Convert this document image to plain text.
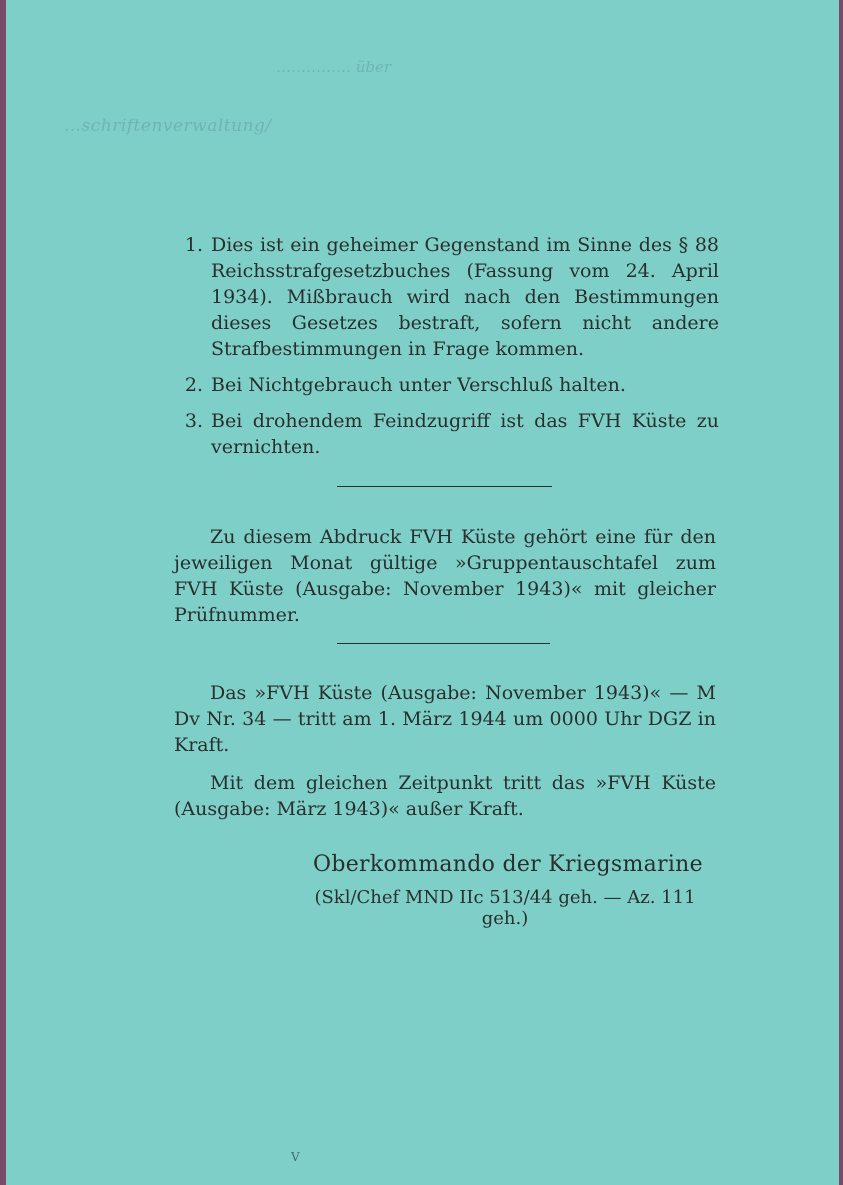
…………… über
…schriftenverwaltung/
1. Dies ist ein geheimer Gegenstand im Sinne des § 88 Reichsstrafgesetzbuches (Fassung vom 24. April 1934). Mißbrauch wird nach den Bestimmungen dieses Gesetzes bestraft, sofern nicht andere Strafbestimmungen in Frage kommen.
2. Bei Nichtgebrauch unter Verschluß halten.
3. Bei drohendem Feindzugriff ist das FVH Küste zu vernichten.

Zu diesem Abdruck FVH Küste gehört eine für den jeweiligen Monat gültige »Gruppentauschtafel zum FVH Küste (Ausgabe: November 1943)« mit gleicher Prüfnummer.

Das »FVH Küste (Ausgabe: November 1943)« — M Dv Nr. 34 — tritt am 1. März 1944 um 0000 Uhr DGZ in Kraft.

Mit dem gleichen Zeitpunkt tritt das »FVH Küste (Ausgabe: März 1943)« außer Kraft.

Oberkommando der Kriegsmarine
(Skl/Chef MND IIc 513/44 geh. — Az. 111 geh.)
V
